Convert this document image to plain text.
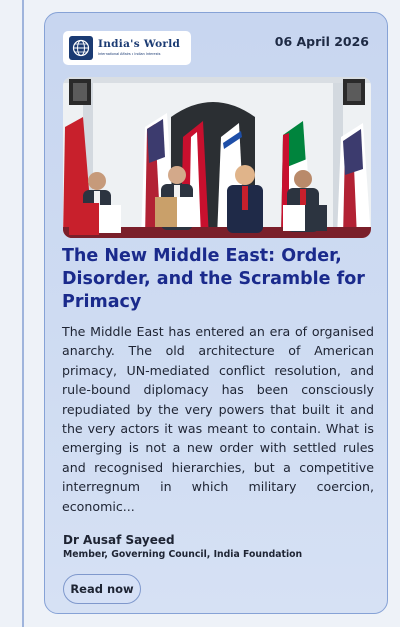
India's World
International Affairs • Indian Interests
06 April 2026
The New Middle East: Order, Disorder, and the Scramble for Primacy

The Middle East has entered an era of organised anarchy. The old architecture of American primacy, UN-mediated conflict resolution, and rule-bound diplomacy has been consciously repudiated by the very powers that built it and the very actors it was meant to contain. What is emerging is not a new order with settled rules and recognised hierarchies, but a competitive interregnum in which military coercion, economic...

Dr Ausaf Sayeed
Member, Governing Council, India Foundation
Read now
